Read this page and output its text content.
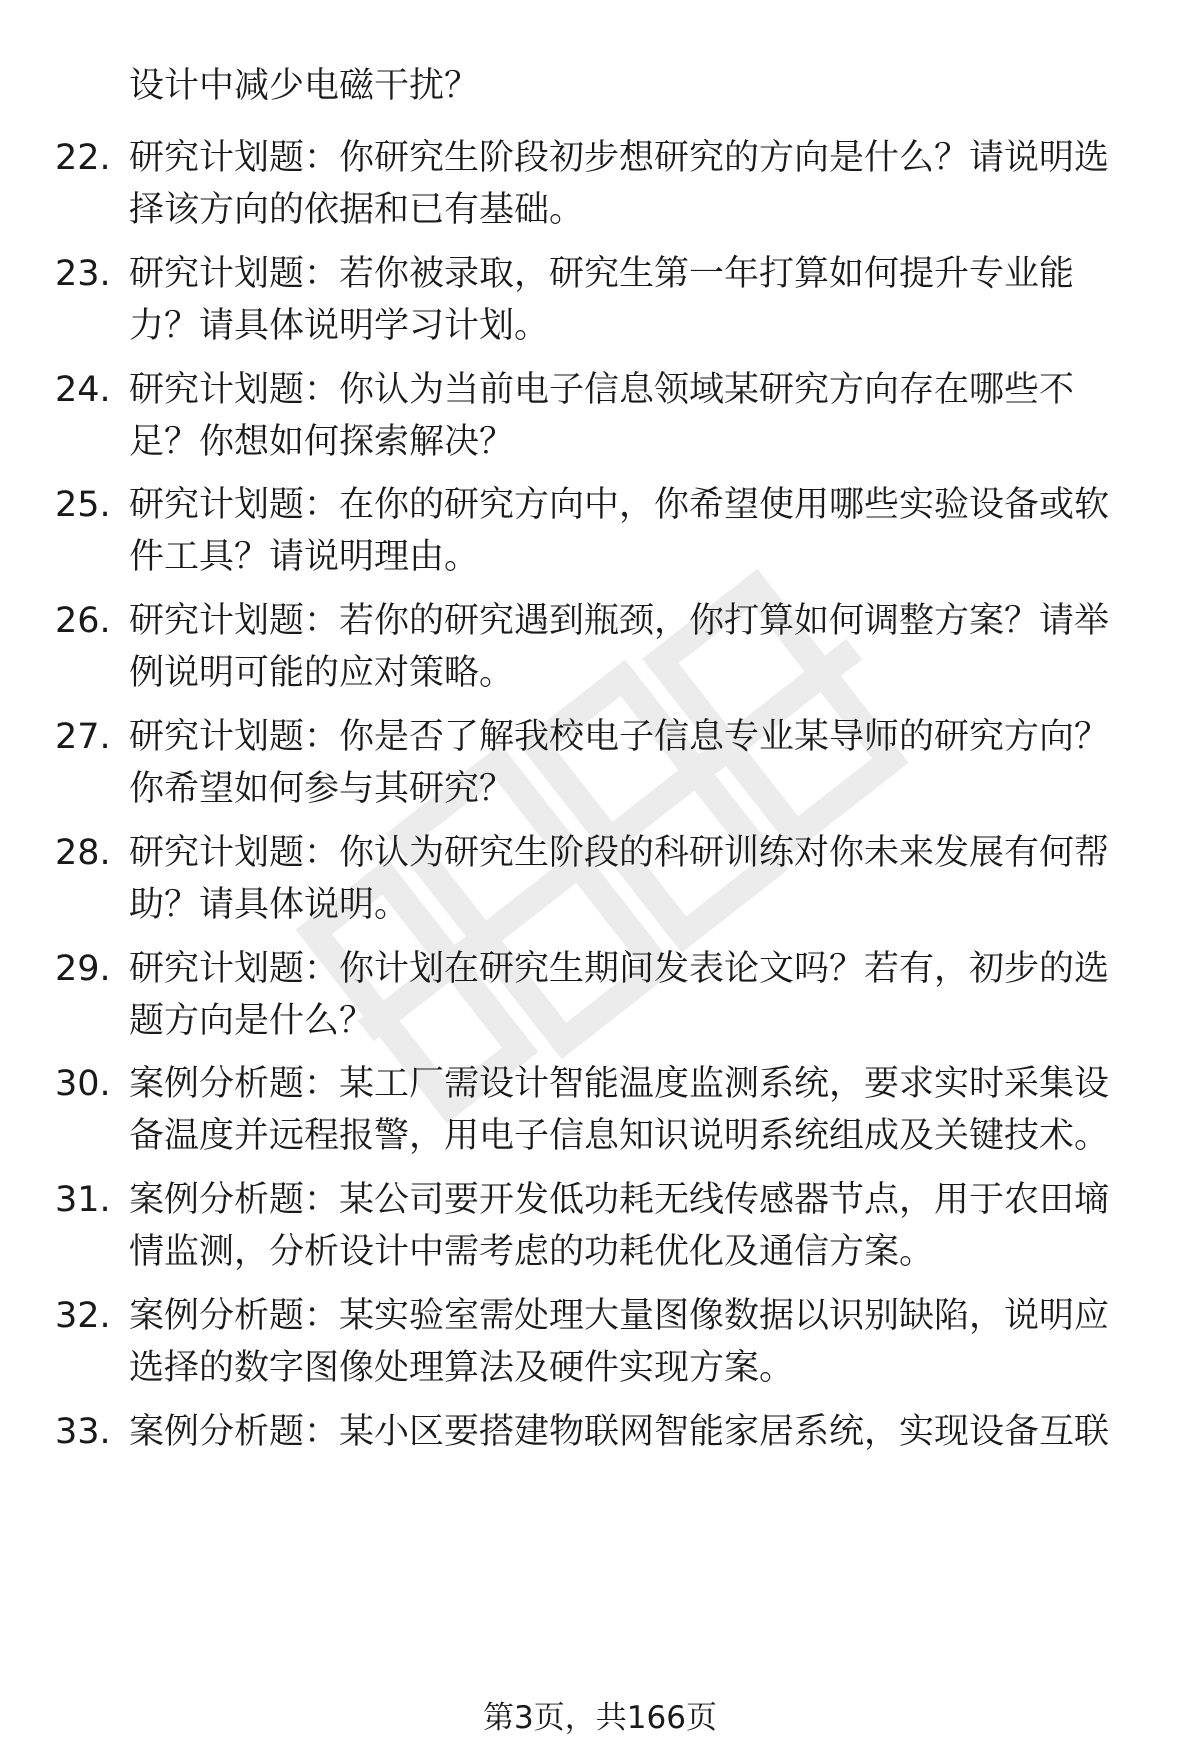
设计中减少电磁干扰？
22. 研究计划题：你研究生阶段初步想研究的方向是什么？请说明选
择该方向的依据和已有基础。
23. 研究计划题：若你被录取，研究生第一年打算如何提升专业能
力？请具体说明学习计划。
24. 研究计划题：你认为当前电子信息领域某研究方向存在哪些不
足？你想如何探索解决？
25. 研究计划题：在你的研究方向中，你希望使用哪些实验设备或软
件工具？请说明理由。
26. 研究计划题：若你的研究遇到瓶颈，你打算如何调整方案？请举
例说明可能的应对策略。
27. 研究计划题：你是否了解我校电子信息专业某导师的研究方向？
你希望如何参与其研究？
28. 研究计划题：你认为研究生阶段的科研训练对你未来发展有何帮
助？请具体说明。
29. 研究计划题：你计划在研究生期间发表论文吗？若有，初步的选
题方向是什么？
30. 案例分析题：某工厂需设计智能温度监测系统，要求实时采集设
备温度并远程报警，用电子信息知识说明系统组成及关键技术。
31. 案例分析题：某公司要开发低功耗无线传感器节点，用于农田墒
情监测，分析设计中需考虑的功耗优化及通信方案。
32. 案例分析题：某实验室需处理大量图像数据以识别缺陷，说明应
选择的数字图像处理算法及硬件实现方案。
33. 案例分析题：某小区要搭建物联网智能家居系统，实现设备互联
第3页，共166页
